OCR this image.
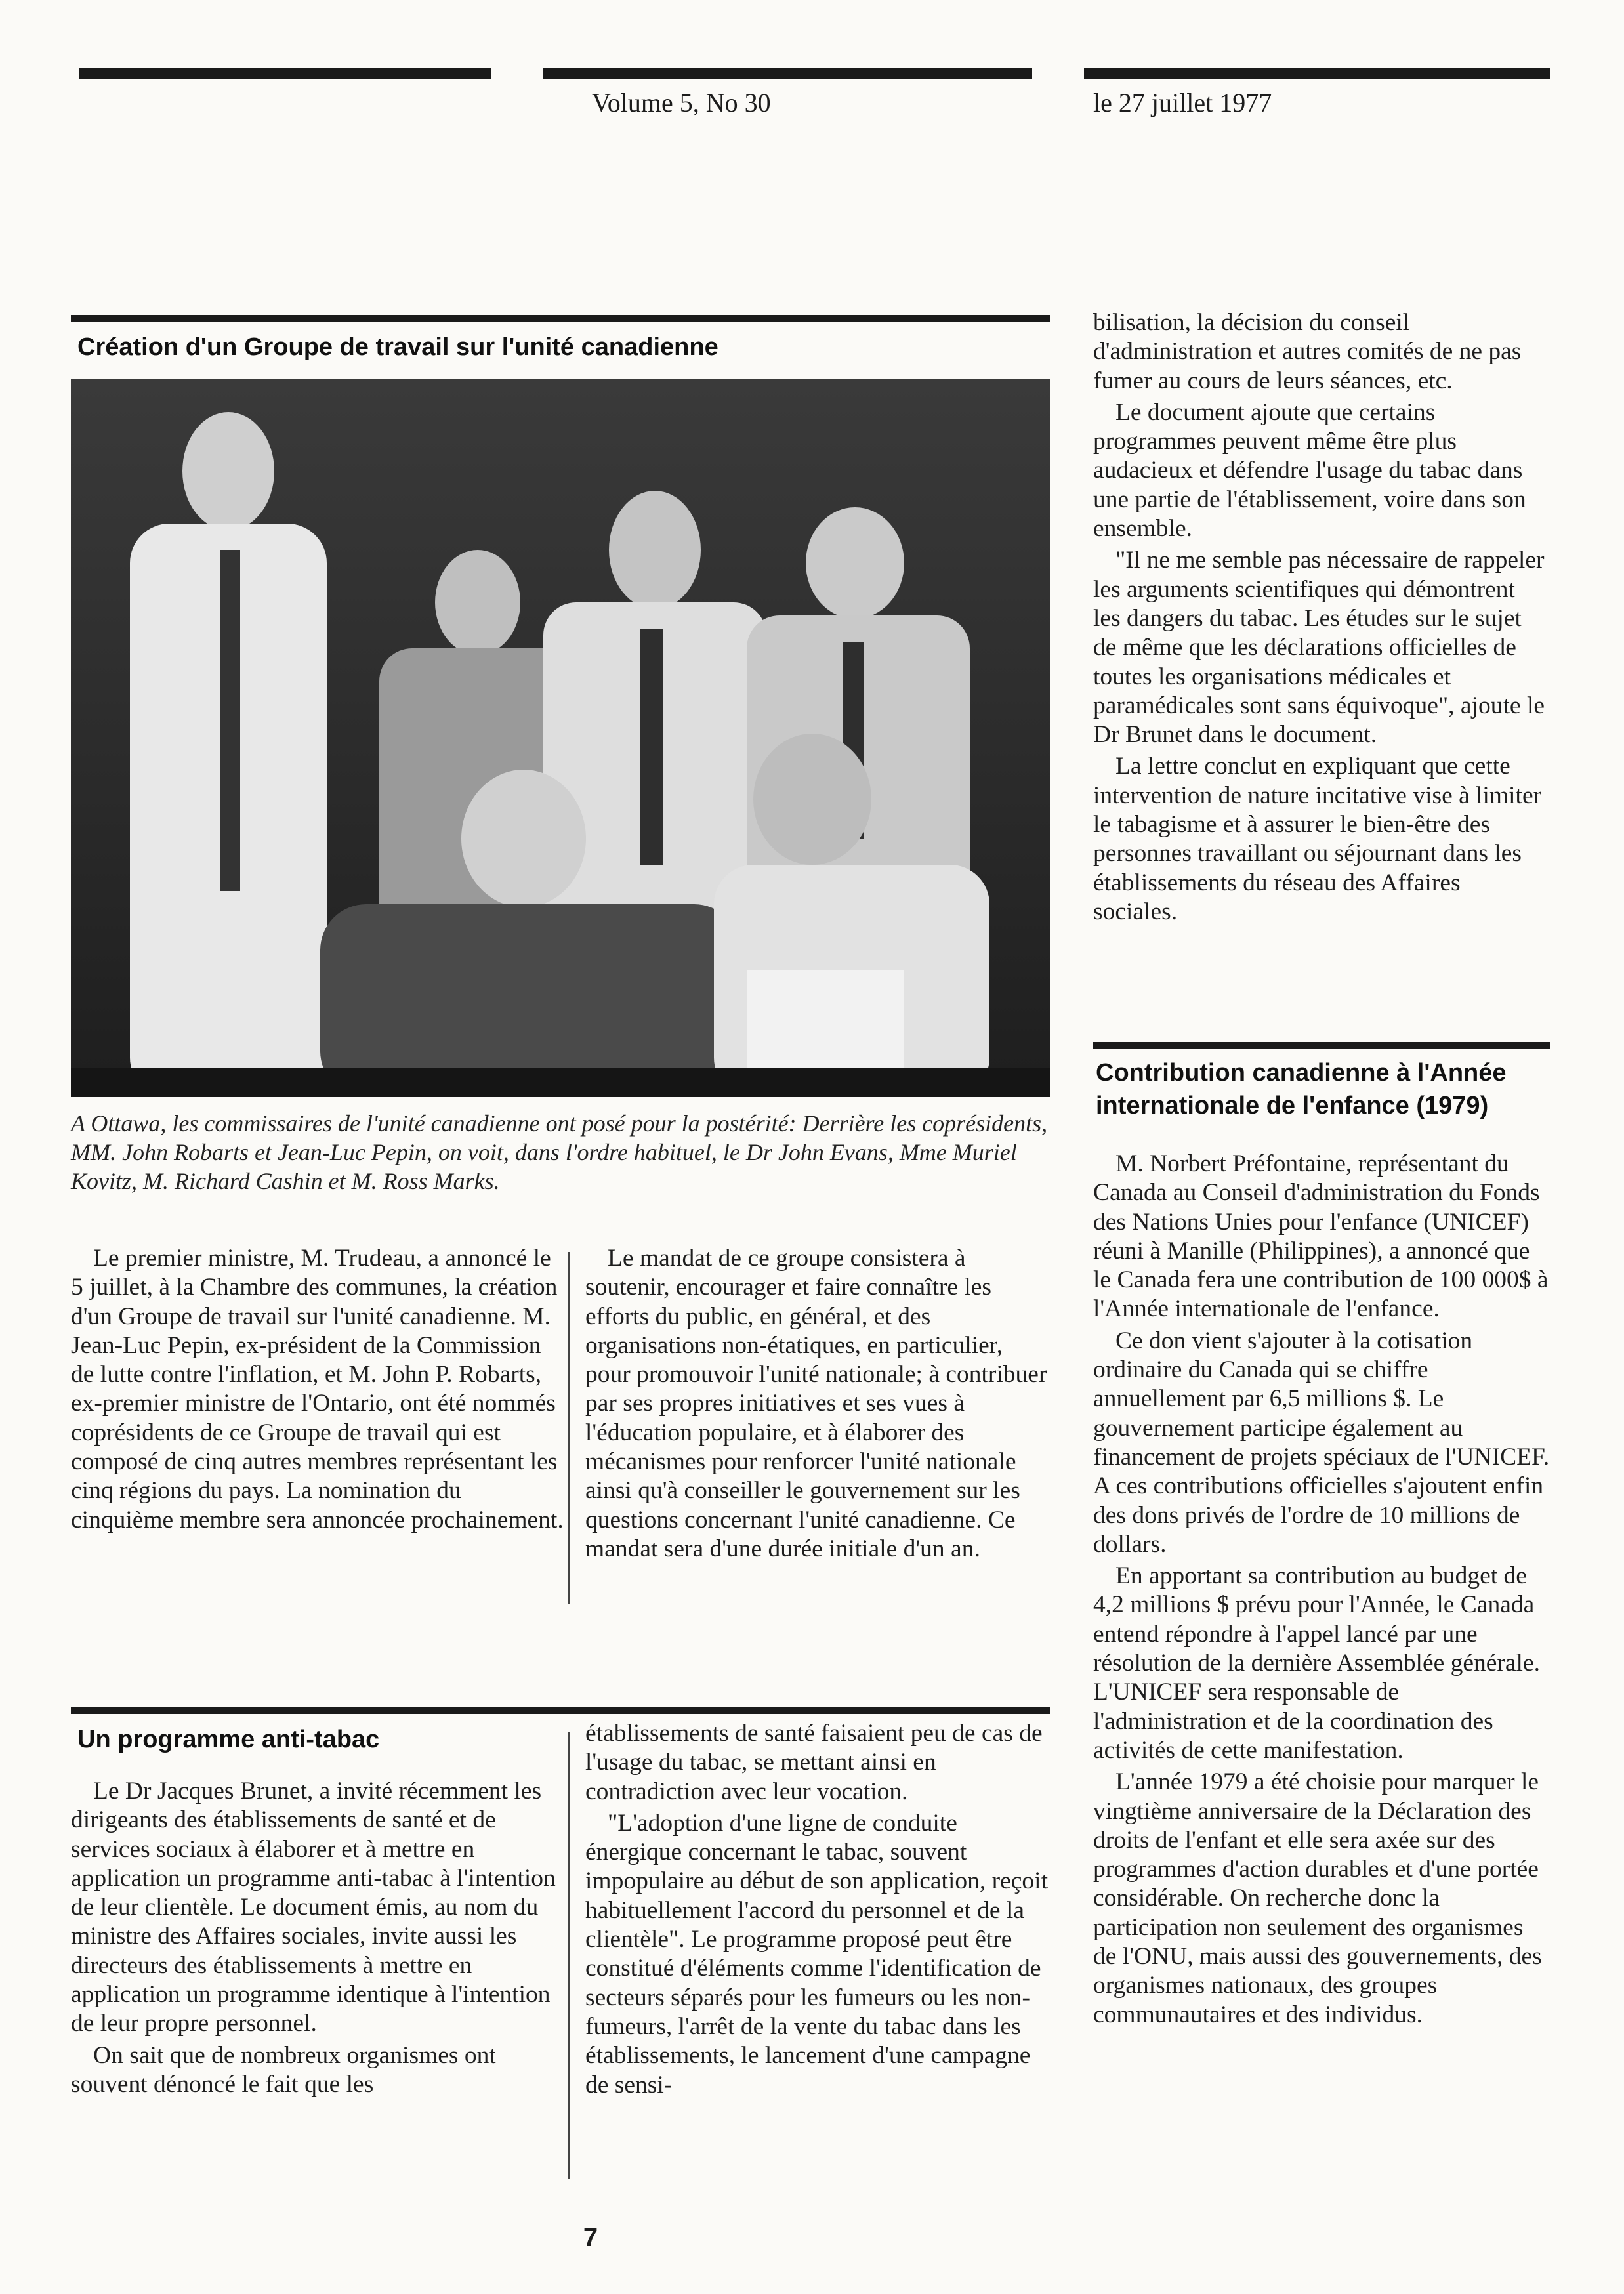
Volume 5, No 30	le 27 juillet 1977
Création d'un Groupe de travail sur l'unité canadienne
A Ottawa, les commissaires de l'unité canadienne ont posé pour la postérité: Derrière les coprésidents, MM. John Robarts et Jean-Luc Pepin, on voit, dans l'ordre habituel, le Dr John Evans, Mme Muriel Kovitz, M. Richard Cashin et M. Ross Marks.

Le premier ministre, M. Trudeau, a annoncé le 5 juillet, à la Chambre des communes, la création d'un Groupe de travail sur l'unité canadienne. M. Jean-Luc Pepin, ex-président de la Commission de lutte contre l'inflation, et M. John P. Robarts, ex-premier ministre de l'Ontario, ont été nommés coprésidents de ce Groupe de travail qui est composé de cinq autres membres représentant les cinq régions du pays. La nomination du cinquième membre sera annoncée prochainement.

Le mandat de ce groupe consistera à soutenir, encourager et faire connaître les efforts du public, en général, et des organisations non-étatiques, en particulier, pour promouvoir l'unité nationale; à contribuer par ses propres initiatives et ses vues à l'éducation populaire, et à élaborer des mécanismes pour renforcer l'unité nationale ainsi qu'à conseiller le gouvernement sur les questions concernant l'unité canadienne. Ce mandat sera d'une durée initiale d'un an.

Un programme anti-tabac

Le Dr Jacques Brunet, a invité récemment les dirigeants des établissements de santé et de services sociaux à élaborer et à mettre en application un programme anti-tabac à l'intention de leur clientèle. Le document émis, au nom du ministre des Affaires sociales, invite aussi les directeurs des établissements à mettre en application un programme identique à l'intention de leur propre personnel.

On sait que de nombreux organismes ont souvent dénoncé le fait que les

établissements de santé faisaient peu de cas de l'usage du tabac, se mettant ainsi en contradiction avec leur vocation.

"L'adoption d'une ligne de conduite énergique concernant le tabac, souvent impopulaire au début de son application, reçoit habituellement l'accord du personnel et de la clientèle". Le programme proposé peut être constitué d'éléments comme l'identification de secteurs séparés pour les fumeurs ou les non-fumeurs, l'arrêt de la vente du tabac dans les établissements, le lancement d'une campagne de sensi-

bilisation, la décision du conseil d'administration et autres comités de ne pas fumer au cours de leurs séances, etc.

Le document ajoute que certains programmes peuvent même être plus audacieux et défendre l'usage du tabac dans une partie de l'établissement, voire dans son ensemble.

"Il ne me semble pas nécessaire de rappeler les arguments scientifiques qui démontrent les dangers du tabac. Les études sur le sujet de même que les déclarations officielles de toutes les organisations médicales et paramédicales sont sans équivoque", ajoute le Dr Brunet dans le document.

La lettre conclut en expliquant que cette intervention de nature incitative vise à limiter le tabagisme et à assurer le bien-être des personnes travaillant ou séjournant dans les établissements du réseau des Affaires sociales.

Contribution canadienne à l'Année internationale de l'enfance (1979)

M. Norbert Préfontaine, représentant du Canada au Conseil d'administration du Fonds des Nations Unies pour l'enfance (UNICEF) réuni à Manille (Philippines), a annoncé que le Canada fera une contribution de 100 000$ à l'Année internationale de l'enfance.

Ce don vient s'ajouter à la cotisation ordinaire du Canada qui se chiffre annuellement par 6,5 millions $. Le gouvernement participe également au financement de projets spéciaux de l'UNICEF. A ces contributions officielles s'ajoutent enfin des dons privés de l'ordre de 10 millions de dollars.

En apportant sa contribution au budget de 4,2 millions $ prévu pour l'Année, le Canada entend répondre à l'appel lancé par une résolution de la dernière Assemblée générale. L'UNICEF sera responsable de l'administration et de la coordination des activités de cette manifestation.

L'année 1979 a été choisie pour marquer le vingtième anniversaire de la Déclaration des droits de l'enfant et elle sera axée sur des programmes d'action durables et d'une portée considérable. On recherche donc la participation non seulement des organismes de l'ONU, mais aussi des gouvernements, des organismes nationaux, des groupes communautaires et des individus.

7
